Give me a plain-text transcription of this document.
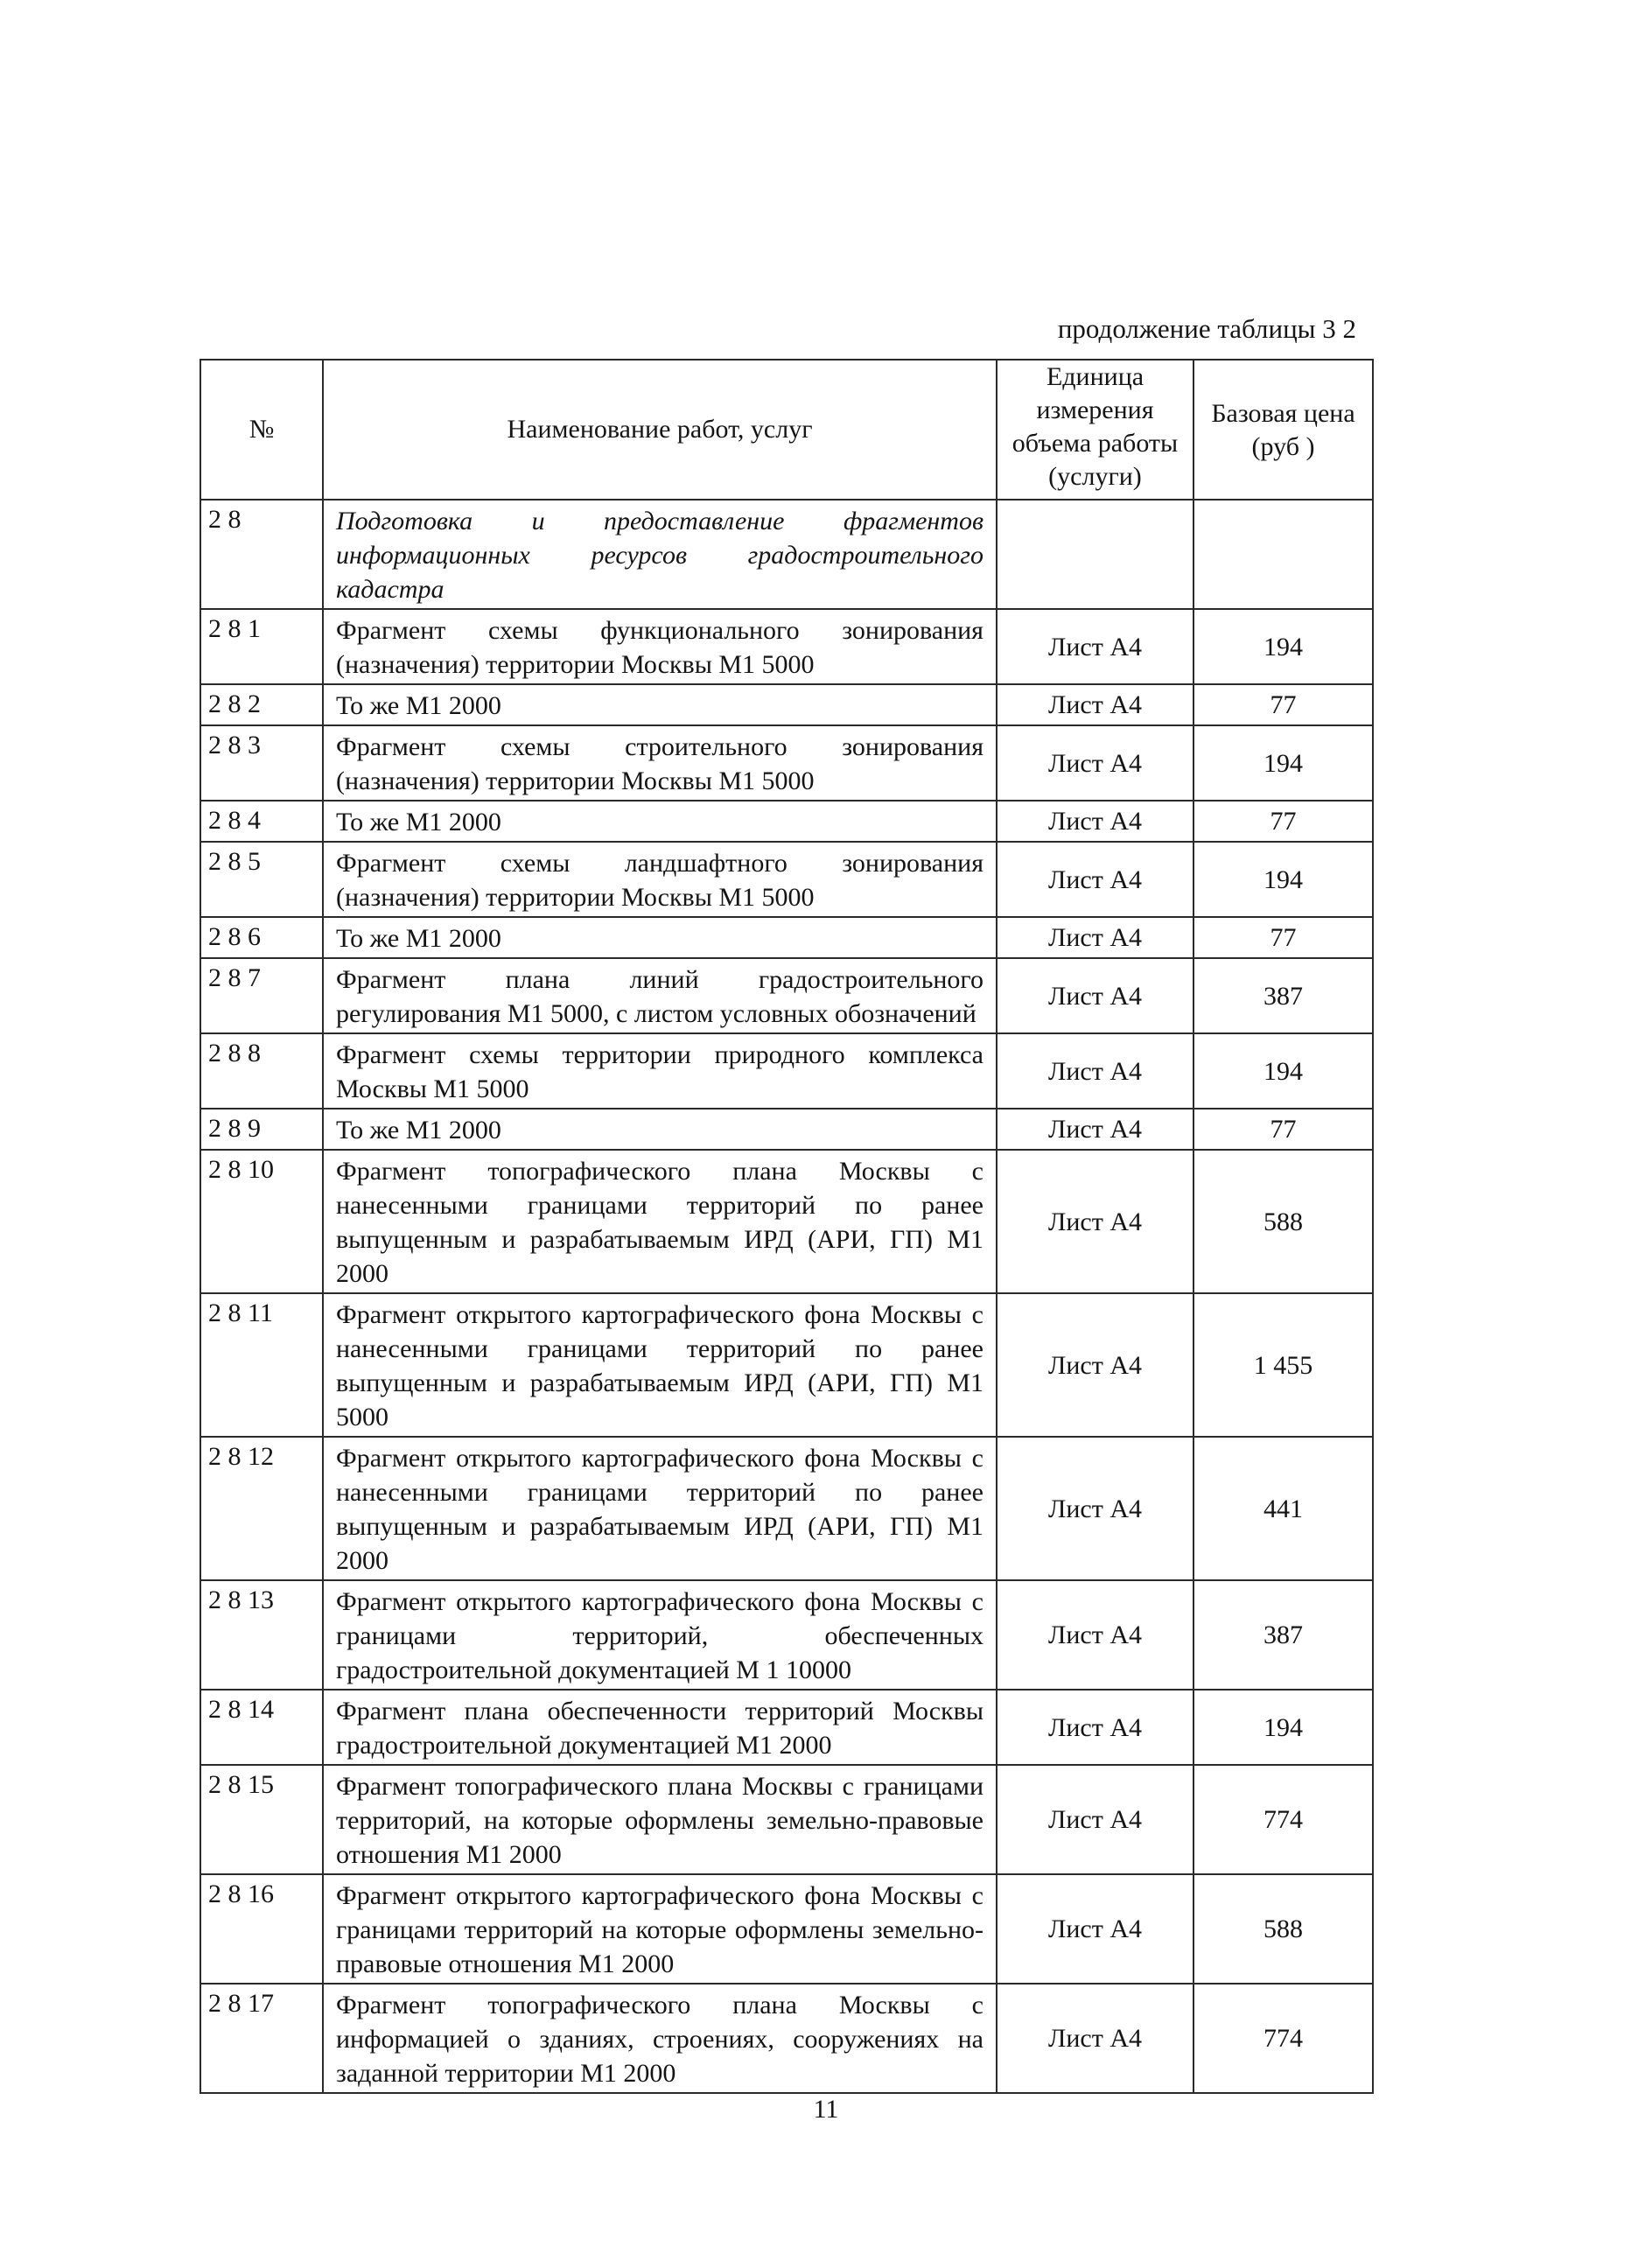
продолжение таблицы 3 2
№	Наименование работ, услуг	Единица измерения объема работы (услуги)	Базовая цена (руб )
2 8	Подготовка и предоставление фрагментов информационных ресурсов градостроительного кадастра		
2 8 1	Фрагмент схемы функционального зонирования (назначения) территории Москвы М1 5000	Лист А4	194
2 8 2	То же М1 2000	Лист А4	77
2 8 3	Фрагмент схемы строительного зонирования (назначения) территории Москвы М1 5000	Лист А4	194
2 8 4	То же М1 2000	Лист А4	77
2 8 5	Фрагмент схемы ландшафтного зонирования (назначения) территории Москвы М1 5000	Лист А4	194
2 8 6	То же М1 2000	Лист А4	77
2 8 7	Фрагмент плана линий градостроительного регулирования М1 5000, с листом условных обозначений	Лист А4	387
2 8 8	Фрагмент схемы территории природного комплекса Москвы М1 5000	Лист А4	194
2 8 9	То же М1 2000	Лист А4	77
2 8 10	Фрагмент топографического плана Москвы с нанесенными границами территорий по ранее выпущенным и разрабатываемым ИРД (АРИ, ГП) М1 2000	Лист А4	588
2 8 11	Фрагмент открытого картографического фона Москвы с нанесенными границами территорий по ранее выпущенным и разрабатываемым ИРД (АРИ, ГП) М1 5000	Лист А4	1 455
2 8 12	Фрагмент открытого картографического фона Москвы с нанесенными границами территорий по ранее выпущенным и разрабатываемым ИРД (АРИ, ГП) М1 2000	Лист А4	441
2 8 13	Фрагмент открытого картографического фона Москвы с границами территорий, обеспеченных градостроительной документацией М 1 10000	Лист А4	387
2 8 14	Фрагмент плана обеспеченности территорий Москвы градостроительной документацией М1 2000	Лист А4	194
2 8 15	Фрагмент топографического плана Москвы с границами территорий, на которые оформлены земельно-правовые отношения М1 2000	Лист А4	774
2 8 16	Фрагмент открытого картографического фона Москвы с границами территорий на которые оформлены земельно-правовые отношения М1 2000	Лист А4	588
2 8 17	Фрагмент топографического плана Москвы с информацией о зданиях, строениях, сооружениях на заданной территории М1 2000	Лист А4	774
11
